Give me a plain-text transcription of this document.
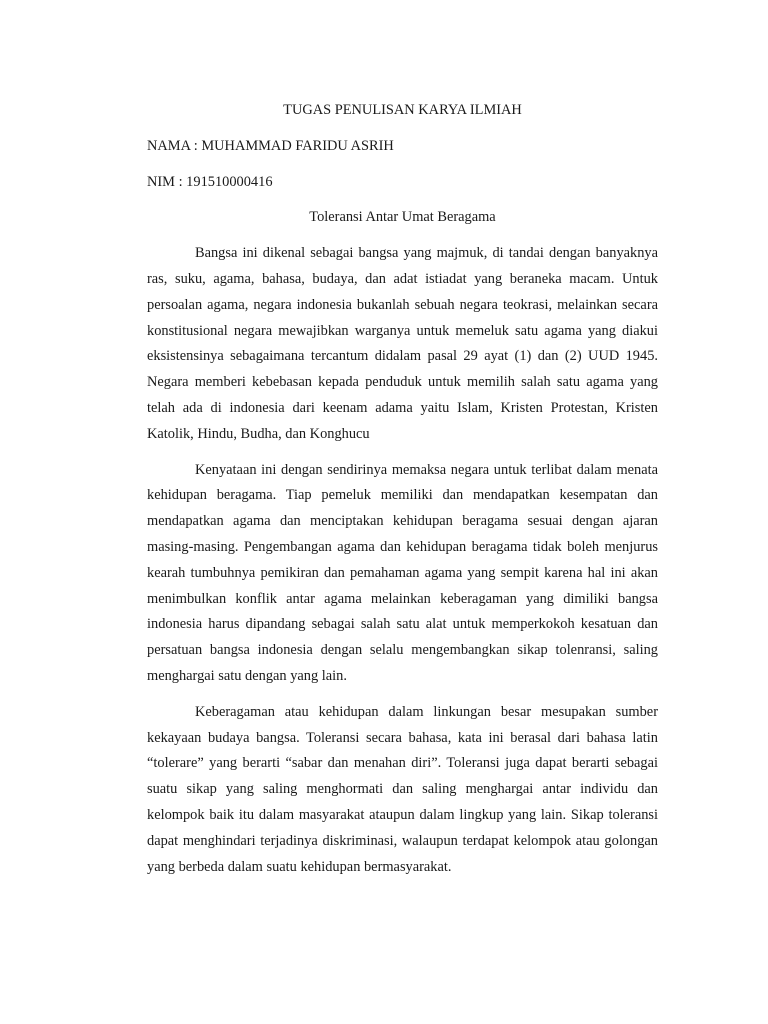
TUGAS PENULISAN KARYA ILMIAH
NAMA : MUHAMMAD FARIDU ASRIH
NIM : 191510000416
Toleransi Antar Umat Beragama

Bangsa ini dikenal sebagai bangsa yang majmuk, di tandai dengan banyaknya ras, suku, agama, bahasa, budaya, dan adat istiadat yang beraneka macam. Untuk persoalan agama, negara indonesia bukanlah sebuah negara teokrasi, melainkan secara konstitusional negara mewajibkan warganya untuk memeluk satu agama yang diakui eksistensinya sebagaimana tercantum didalam pasal 29 ayat (1) dan (2) UUD 1945. Negara memberi kebebasan kepada penduduk untuk memilih salah satu agama yang telah ada di indonesia dari keenam adama yaitu Islam, Kristen Protestan, Kristen Katolik, Hindu, Budha, dan Konghucu

Kenyataan ini dengan sendirinya memaksa negara untuk terlibat dalam menata kehidupan beragama. Tiap pemeluk memiliki dan mendapatkan kesempatan dan mendapatkan agama dan menciptakan kehidupan beragama sesuai dengan ajaran masing-masing. Pengembangan agama dan kehidupan beragama tidak boleh menjurus kearah tumbuhnya pemikiran dan pemahaman agama yang sempit karena hal ini akan menimbulkan konflik antar agama melainkan keberagaman yang dimiliki bangsa indonesia harus dipandang sebagai salah satu alat untuk memperkokoh kesatuan dan persatuan bangsa indonesia dengan selalu mengembangkan sikap tolenransi, saling menghargai satu dengan yang lain.

Keberagaman atau kehidupan dalam linkungan besar mesupakan sumber kekayaan budaya bangsa. Toleransi secara bahasa, kata ini berasal dari bahasa latin “tolerare” yang berarti “sabar dan menahan diri”. Toleransi juga dapat berarti sebagai suatu sikap yang saling menghormati dan saling menghargai antar individu dan kelompok baik itu dalam masyarakat ataupun dalam lingkup yang lain. Sikap toleransi dapat menghindari terjadinya diskriminasi, walaupun terdapat kelompok atau golongan yang berbeda dalam suatu kehidupan bermasyarakat.
